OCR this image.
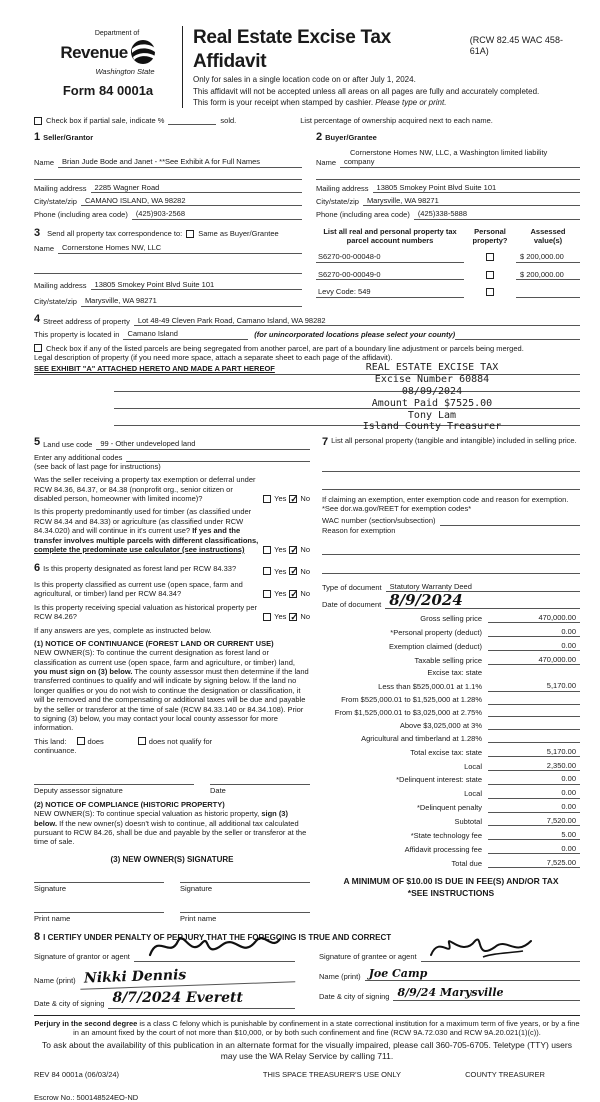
Department of
Revenue
Washington State
Form 84 0001a
Real Estate Excise Tax Affidavit
(RCW 82.45 WAC 458-61A)
Only for sales in a single location code on or after July 1, 2024.
This affidavit will not be accepted unless all areas on all pages are fully and accurately completed.
This form is your receipt when stamped by cashier. Please type or print.
Check box if partial sale, indicate %	sold.	List percentage of ownership acquired next to each name.
1 Seller/Grantor
Name	Brian Jude Bode and Janet - **See Exhibit A for Full Names
Mailing address	2285 Wagner Road
City/state/zip	CAMANO ISLAND, WA 98282
Phone (including area code)	(425)903-2568
2 Buyer/Grantee
Name
Cornerstone Homes NW, LLC, a Washington limited liability
company
Mailing address	13805 Smokey Point Blvd Suite 101
City/state/zip	Marysville, WA 98271
Phone (including area code)	(425)338-5888
3 Send all property tax correspondence to: Same as Buyer/Grantee
Name	Cornerstone Homes NW, LLC
Mailing address	13805 Smokey Point Blvd Suite 101
City/state/zip	Marysville, WA 98271
List all real and personal property tax
parcel account numbers
Personal
property?
Assessed
value(s)
S6270-00-00048-0	$ 200,000.00
S6270-00-00049-0	$ 200,000.00
Levy Code: 549
4 Street address of property	Lot 48-49 Cleven Park Road, Camano Island, WA 98282
This property is located in	Camano Island	(for unincorporated locations please select your county)
Check box if any of the listed parcels are being segregated from another parcel, are part of a boundary line adjustment or parcels being merged.
Legal description of property (if you need more space, attach a separate sheet to each page of the affidavit).
SEE EXHIBIT "A" ATTACHED HERETO AND MADE A PART HEREOF	REAL ESTATE EXCISE TAX
Excise Number 60884
08/09/2024
Amount Paid $7525.00
Tony Lam
Island County Treasurer
5 Land use code	99 - Other undeveloped land
Enter any additional codes
(see back of last page for instructions)
Was the seller receiving a property tax exemption or deferral under RCW 84.36, 84.37, or 84.38 (nonprofit org., senior citizen or disabled person, homeowner with limited income)?	Yes ✓ No
Is this property predominantly used for timber (as classified under RCW 84.34 and 84.33) or agriculture (as classified under RCW 84.34.020) and will continue in it's current use? If yes and the transfer involves multiple parcels with different classifications, complete the predominate use calculator (see instructions)	Yes ✓ No
6 Is this property designated as forest land per RCW 84.33?	Yes ✓ No
Is this property classified as current use (open space, farm and agricultural, or timber) land per RCW 84.34?	Yes ✓ No
Is this property receiving special valuation as historical property per RCW 84.26?	Yes ✓ No
If any answers are yes, complete as instructed below.
(1) NOTICE OF CONTINUANCE (FOREST LAND OR CURRENT USE)
NEW OWNER(S): To continue the current designation as forest land or classification as current use (open space, farm and agriculture, or timber) land, you must sign on (3) below. The county assessor must then determine if the land transferred continues to qualify and will indicate by signing below. If the land no longer qualifies or you do not wish to continue the designation or classification, it will be removed and the compensating or additional taxes will be due and payable by the seller or transferor at the time of sale (RCW 84.33.140 or 84.34.108). Prior to signing (3) below, you may contact your local county assessor for more information.
This land:	does	does not qualify for
continuance.
Deputy assessor signature	Date
(2) NOTICE OF COMPLIANCE (HISTORIC PROPERTY)
NEW OWNER(S): To continue special valuation as historic property, sign (3) below. If the new owner(s) doesn't wish to continue, all additional tax calculated pursuant to RCW 84.26, shall be due and payable by the seller or transferor at the time of sale.
(3) NEW OWNER(S) SIGNATURE
Signature	Signature
Print name	Print name
7 List all personal property (tangible and intangible) included in selling price.
If claiming an exemption, enter exemption code and reason for exemption. *See dor.wa.gov/REET for exemption codes*
WAC number (section/subsection)
Reason for exemption
Type of document	Statutory Warranty Deed
Date of document 8/9/2024
Gross selling price	470,000.00
*Personal property (deduct)	0.00
Exemption claimed (deduct)	0.00
Taxable selling price	470,000.00
Excise tax: state
Less than $525,000.01 at 1.1%	5,170.00
From $525,000.01 to $1,525,000 at 1.28%
From $1,525,000.01 to $3,025,000 at 2.75%
Above $3,025,000 at 3%
Agricultural and timberland at 1.28%
Total excise tax: state	5,170.00
Local	2,350.00
*Delinquent interest: state	0.00
Local	0.00
*Delinquent penalty	0.00
Subtotal	7,520.00
*State technology fee	5.00
Affidavit processing fee	0.00
Total due	7,525.00
A MINIMUM OF $10.00 IS DUE IN FEE(S) AND/OR TAX
*SEE INSTRUCTIONS
8 I CERTIFY UNDER PENALTY OF PERJURY THAT THE FOREGOING IS TRUE AND CORRECT
Signature of grantor or agent
Name (print) Nikki Dennis
Date & city of signing 8/7/2024 Everett
Signature of grantee or agent
Name (print) Joe Camp
Date & city of signing 8/9/24 Marysville
Perjury in the second degree is a class C felony which is punishable by confinement in a state correctional institution for a maximum term of five years, or by a fine in an amount fixed by the court of not more than $10,000, or by both such confinement and fine (RCW 9A.72.030 and RCW 9A.20.021(1)(c)).
To ask about the availability of this publication in an alternate format for the visually impaired, please call 360-705-6705. Teletype (TTY) users may use the WA Relay Service by calling 711.
REV 84 0001a (06/03/24)	THIS SPACE TREASURER'S USE ONLY	COUNTY TREASURER
Escrow No.: 500148524EO-ND
